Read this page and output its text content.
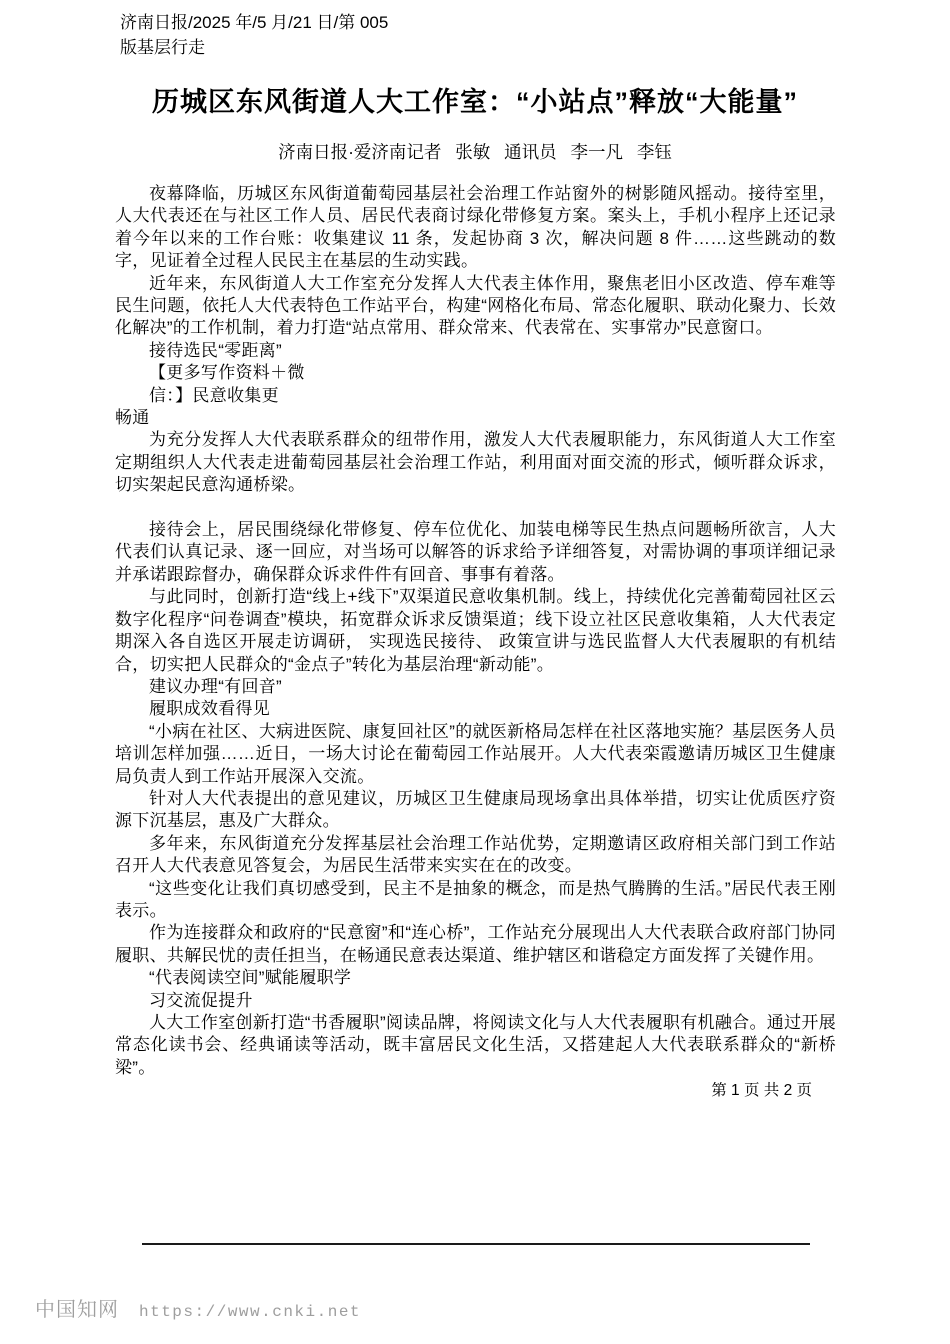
济南日报/2025 年/5 月/21 日/第 005
版基层行走
历城区东风街道人大工作室：“小站点”释放“大能量”
济南日报·爱济南记者 张敏 通讯员 李一凡 李钰
夜幕降临，历城区东风街道葡萄园基层社会治理工作站窗外的树影随风摇动。接待室里，人大代表还在与社区工作人员、居民代表商讨绿化带修复方案。案头上，手机小程序上还记录着今年以来的工作台账：收集建议 11 条，发起协商 3 次，解决问题 8 件……这些跳动的数字，见证着全过程人民民主在基层的生动实践。
近年来，东风街道人大工作室充分发挥人大代表主体作用，聚焦老旧小区改造、停车难等民生问题，依托人大代表特色工作站平台，构建“网格化布局、常态化履职、联动化聚力、长效化解决”的工作机制，着力打造“站点常用、群众常来、代表常在、实事常办”民意窗口。
接待选民“零距离”
【更多写作资料＋微
信：】民意收集更
畅通
为充分发挥人大代表联系群众的纽带作用，激发人大代表履职能力，东风街道人大工作室定期组织人大代表走进葡萄园基层社会治理工作站，利用面对面交流的形式，倾听群众诉求，切实架起民意沟通桥梁。
接待会上，居民围绕绿化带修复、停车位优化、加装电梯等民生热点问题畅所欲言，人大代表们认真记录、逐一回应，对当场可以解答的诉求给予详细答复，对需协调的事项详细记录并承诺跟踪督办，确保群众诉求件件有回音、事事有着落。
与此同时，创新打造“线上+线下”双渠道民意收集机制。线上，持续优化完善葡萄园社区云数字化程序“问卷调查”模块，拓宽群众诉求反馈渠道；线下设立社区民意收集箱，人大代表定期深入各自选区开展走访调研， 实现选民接待、 政策宣讲与选民监督人大代表履职的有机结合，切实把人民群众的“金点子”转化为基层治理“新动能”。
建议办理“有回音”
履职成效看得见
“小病在社区、大病进医院、康复回社区”的就医新格局怎样在社区落地实施？基层医务人员培训怎样加强……近日，一场大讨论在葡萄园工作站展开。人大代表栾霞邀请历城区卫生健康局负责人到工作站开展深入交流。
针对人大代表提出的意见建议，历城区卫生健康局现场拿出具体举措，切实让优质医疗资源下沉基层，惠及广大群众。
多年来，东风街道充分发挥基层社会治理工作站优势，定期邀请区政府相关部门到工作站召开人大代表意见答复会，为居民生活带来实实在在的改变。
“这些变化让我们真切感受到，民主不是抽象的概念，而是热气腾腾的生活。”居民代表王刚表示。
作为连接群众和政府的“民意窗”和“连心桥”，工作站充分展现出人大代表联合政府部门协同履职、共解民忧的责任担当，在畅通民意表达渠道、维护辖区和谐稳定方面发挥了关键作用。
“代表阅读空间”赋能履职学
习交流促提升
人大工作室创新打造“书香履职”阅读品牌，将阅读文化与人大代表履职有机融合。通过开展常态化读书会、经典诵读等活动，既丰富居民文化生活，又搭建起人大代表联系群众的“新桥梁”。
第 1 页 共 2 页
中国知网 https://www.cnki.net
